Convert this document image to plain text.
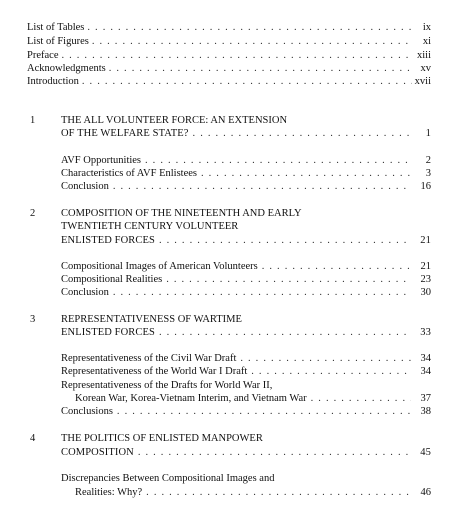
List of Tables . . .	ix
List of Figures . . .	xi
Preface . . .	xiii
Acknowledgments . . .	xv
Introduction . . .	xvii
1 THE ALL VOLUNTEER FORCE: AN EXTENSION
OF THE WELFARE STATE? . . .	1
AVF Opportunities . . .	2
Characteristics of AVF Enlistees . . .	3
Conclusion . . .	16
2 COMPOSITION OF THE NINETEENTH AND EARLY
TWENTIETH CENTURY VOLUNTEER
ENLISTED FORCES . . .	21
Compositional Images of American Volunteers . . .	21
Compositional Realities . . .	23
Conclusion . . .	30
3 REPRESENTATIVENESS OF WARTIME
ENLISTED FORCES . . .	33
Representativeness of the Civil War Draft . . .	34
Representativeness of the World War I Draft . . .	34
Representativeness of the Drafts for World War II,
Korean War, Korea-Vietnam Interim, and Vietnam War . . .	37
Conclusions . . .	38
4 THE POLITICS OF ENLISTED MANPOWER
COMPOSITION . . .	45
Discrepancies Between Compositional Images and
Realities: Why? . . .	46
